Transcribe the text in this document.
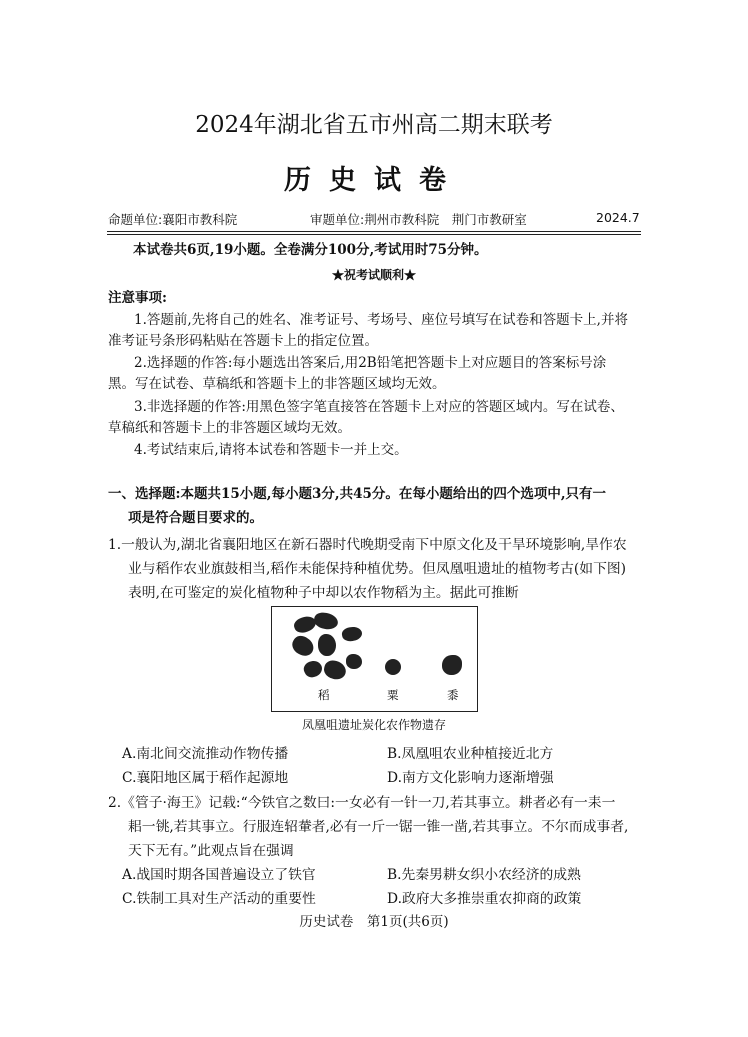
2024年湖北省五市州高二期末联考
历史试卷
命题单位:襄阳市教科院	审题单位:荆州市教科院　荆门市教研室	2024.7
本试卷共6页,19小题。全卷满分100分,考试用时75分钟。
★祝考试顺利★
注意事项:
1.答题前,先将自己的姓名、准考证号、考场号、座位号填写在试卷和答题卡上,并将
准考证号条形码粘贴在答题卡上的指定位置。
2.选择题的作答:每小题选出答案后,用2B铅笔把答题卡上对应题目的答案标号涂
黑。写在试卷、草稿纸和答题卡上的非答题区域均无效。
3.非选择题的作答:用黑色签字笔直接答在答题卡上对应的答题区域内。写在试卷、
草稿纸和答题卡上的非答题区域均无效。
4.考试结束后,请将本试卷和答题卡一并上交。
一、选择题:本题共15小题,每小题3分,共45分。在每小题给出的四个选项中,只有一
项是符合题目要求的。
1.一般认为,湖北省襄阳地区在新石器时代晚期受南下中原文化及干旱环境影响,旱作农
业与稻作农业旗鼓相当,稻作未能保持种植优势。但凤凰咀遗址的植物考古(如下图)
表明,在可鉴定的炭化植物种子中却以农作物稻为主。据此可推断
稻	粟	黍
凤凰咀遗址炭化农作物遗存
A.南北间交流推动作物传播	B.凤凰咀农业种植接近北方
C.襄阳地区属于稻作起源地	D.南方文化影响力逐渐增强
2.《管子·海王》记载:“今铁官之数曰:一女必有一针一刀,若其事立。耕者必有一耒一
耜一铫,若其事立。行服连轺輂者,必有一斤一锯一锥一凿,若其事立。不尔而成事者,
天下无有。”此观点旨在强调
A.战国时期各国普遍设立了铁官	B.先秦男耕女织小农经济的成熟
C.铁制工具对生产活动的重要性	D.政府大多推崇重农抑商的政策
历史试卷　第1页(共6页)
